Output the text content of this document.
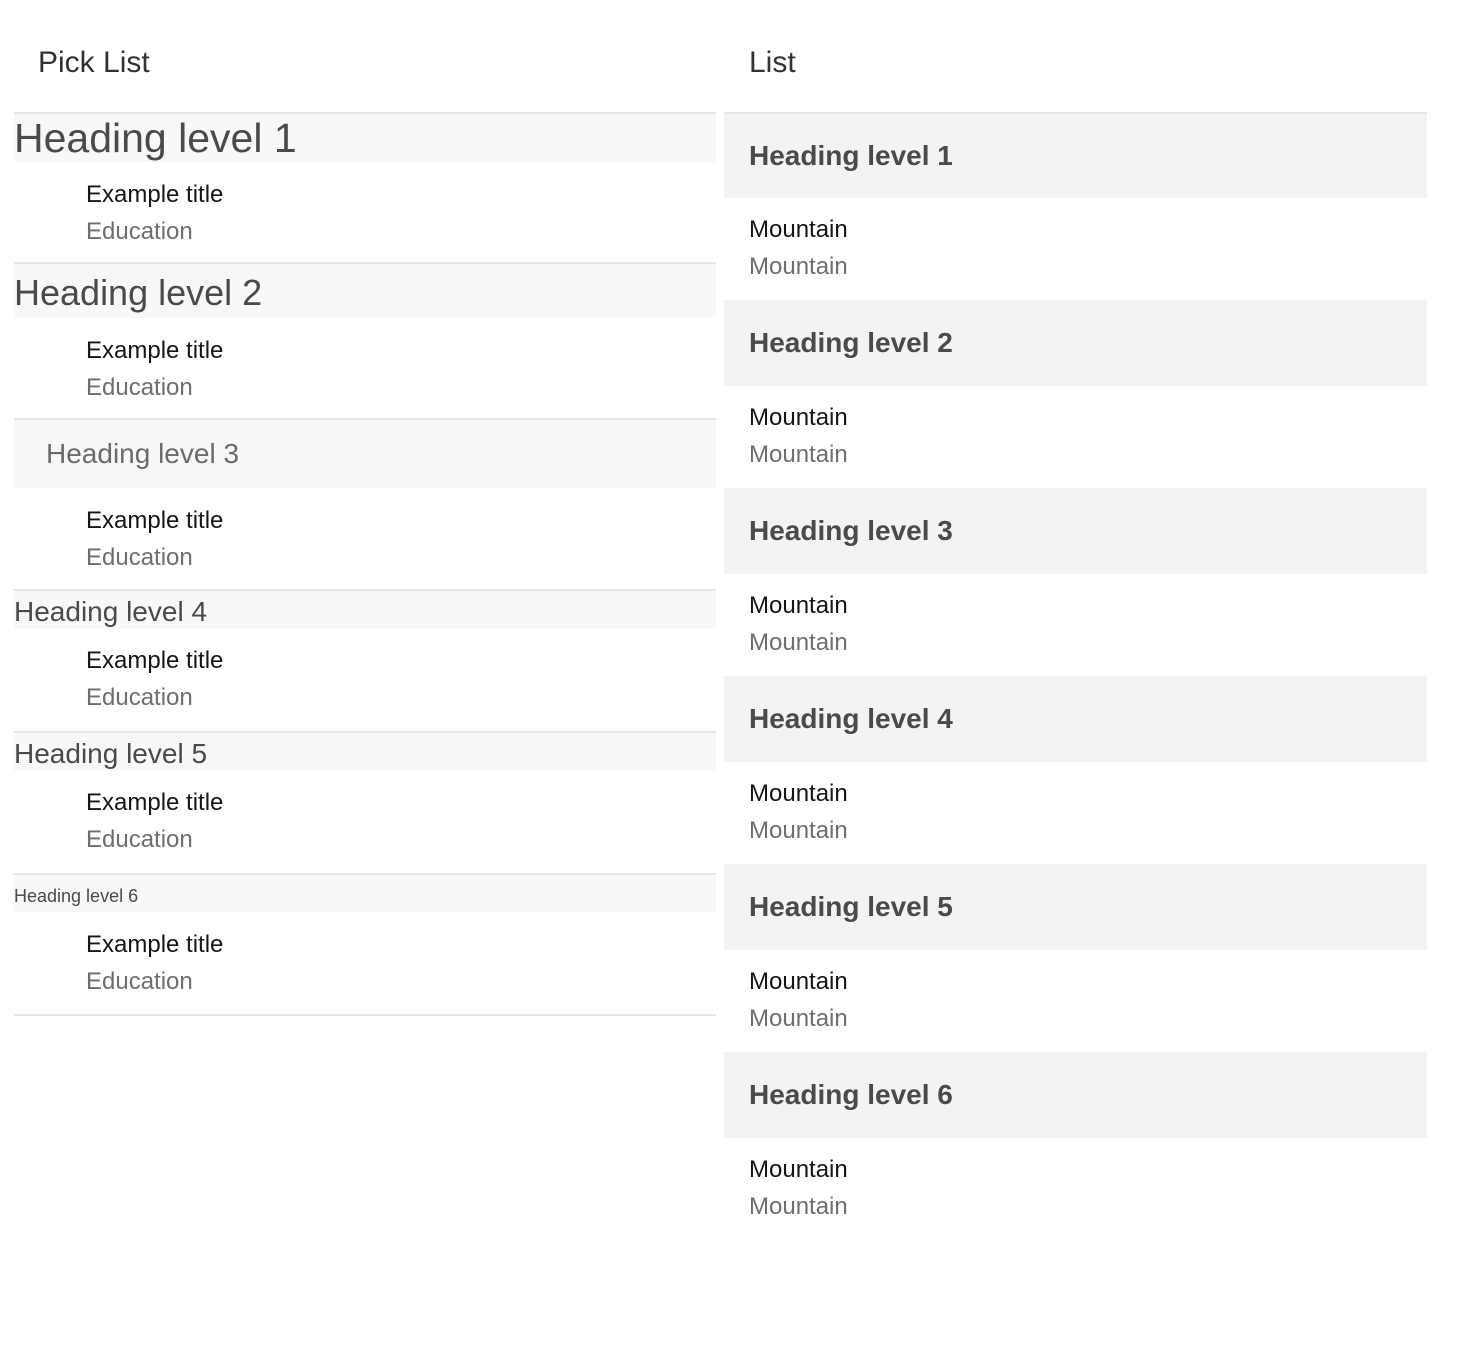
Pick List
Heading level 1
Example title
Education
Heading level 2
Example title
Education
Heading level 3
Example title
Education
Heading level 4
Example title
Education
Heading level 5
Example title
Education
Heading level 6
Example title
Education
List
Heading level 1
Mountain
Mountain
Heading level 2
Mountain
Mountain
Heading level 3
Mountain
Mountain
Heading level 4
Mountain
Mountain
Heading level 5
Mountain
Mountain
Heading level 6
Mountain
Mountain
